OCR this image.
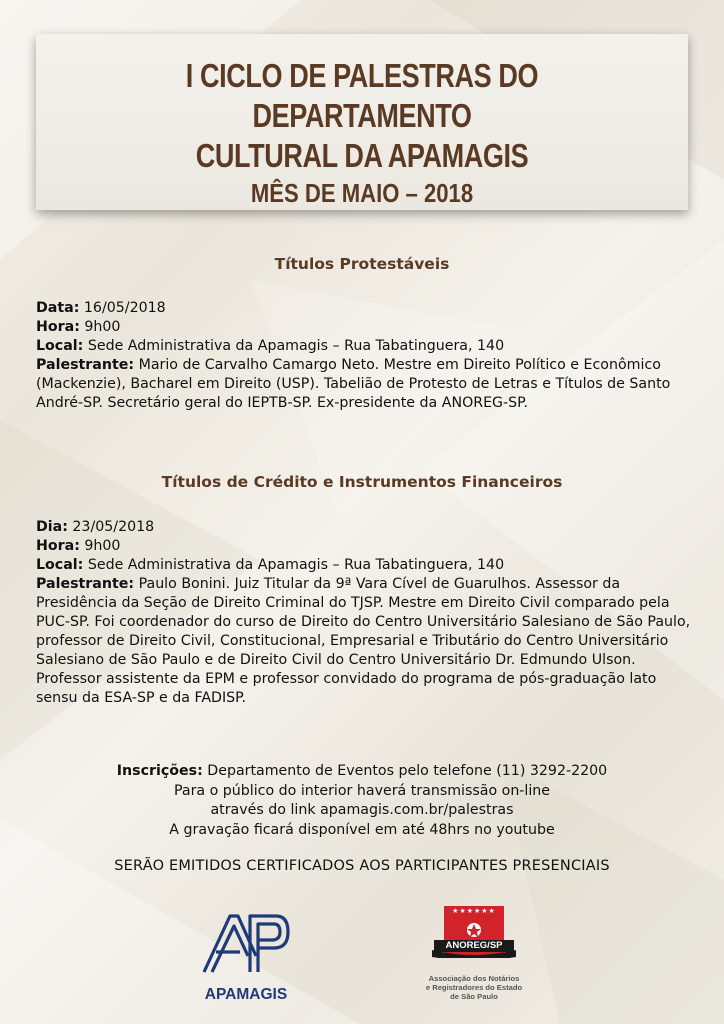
I CICLO DE PALESTRAS DO DEPARTAMENTO
CULTURAL DA APAMAGIS
MÊS DE MAIO – 2018
Títulos Protestáveis

Data: 16/05/2018

Hora: 9h00

Local: Sede Administrativa da Apamagis – Rua Tabatinguera, 140

Palestrante: Mario de Carvalho Camargo Neto. Mestre em Direito Político e Econômico (Mackenzie), Bacharel em Direito (USP). Tabelião de Protesto de Letras e Títulos de Santo André-SP. Secretário geral do IEPTB-SP. Ex-presidente da ANOREG-SP.

Títulos de Crédito e Instrumentos Financeiros

Dia: 23/05/2018

Hora: 9h00

Local: Sede Administrativa da Apamagis – Rua Tabatinguera, 140

Palestrante: Paulo Bonini. Juiz Titular da 9ª Vara Cível de Guarulhos. Assessor da Presidência da Seção de Direito Criminal do TJSP. Mestre em Direito Civil comparado pela PUC-SP. Foi coordenador do curso de Direito do Centro Universitário Salesiano de São Paulo, professor de Direito Civil, Constitucional, Empresarial e Tributário do Centro Universitário Salesiano de São Paulo e de Direito Civil do Centro Universitário Dr. Edmundo Ulson. Professor assistente da EPM e professor convidado do programa de pós-graduação lato sensu da ESA-SP e da FADISP.

Inscrições: Departamento de Eventos pelo telefone (11) 3292-2200
Para o público do interior haverá transmissão on-line
através do link apamagis.com.br/palestras
A gravação ficará disponível em até 48hrs no youtube
SERÃO EMITIDOS CERTIFICADOS AOS PARTICIPANTES PRESENCIAIS
APAMAGIS
★★★★★★
ANOREG/SP
Associação dos Notários
e Registradores do Estado
de São Paulo
